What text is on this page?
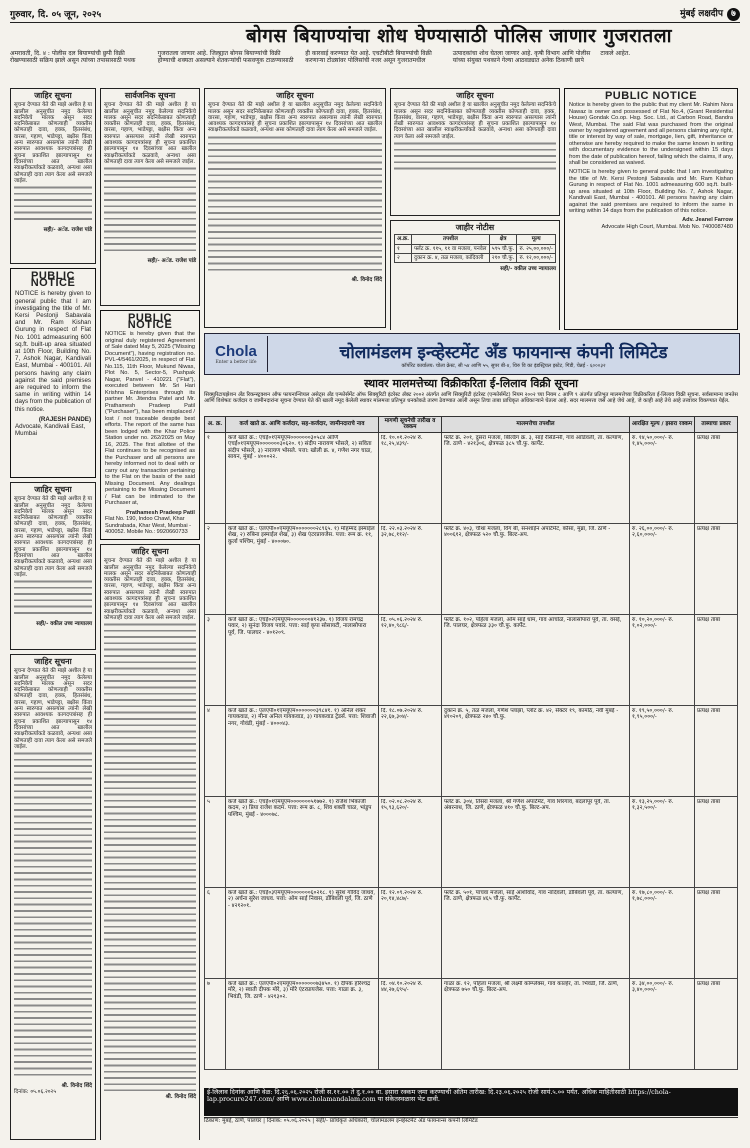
गुरुवार, दि. ०५ जून, २०२५	मुंबई लक्षदीप ७
बोगस बियाण्यांचा शोध घेण्यासाठी पोलिस जाणार गुजरातला
अमरावती, दि. ४ : पोलीस दल बियाण्यांची छुपी विक्री रोखण्यासाठी सक्रिय झाले असून त्यांच्या तपासासाठी पथक गुजरातला जाणार आहे. जिल्ह्यात बोगस बियाण्यांची विक्री होण्याची शक्यता असल्याने शेतकऱ्यांची फसवणूक टाळण्यासाठी ही कारवाई करण्यात येत आहे. एचटीबीटी बियाण्यांची विक्री करणाऱ्या टोळ्यांवर पोलिसांची नजर असून गुजरातमधील उत्पादकांचा शोध घेतला जाणार आहे. कृषी विभाग आणि पोलीस यांच्या संयुक्त पथकाने गेल्या आठवड्यात अनेक ठिकाणी छापे टाकले आहेत.
जाहिर सूचना
सूचना देण्यात येते की माझे अशील हे या खालील अनुसूचीत नमुद केलेल्या सदनिकेचे मालक असून सदर सदनिकेबाबत कोणत्याही व्यक्तीस कोणताही दावा, हक्क, हितसंबंध, वारसा, गहाण, भाडेपट्टा, बक्षीस किंवा अन्य स्वरुपात असल्यास त्यांनी लेखी स्वरुपात आवश्यक कागदपत्रांसह ही सूचना प्रकाशित झाल्यापासून १४ दिवसांच्या आत खालील स्वाक्षरीकर्त्याकडे कळवावे, अन्यथा असा कोणताही दावा त्याग केला असे समजले जाईल.
सही/- अॅड. राजेश पांडे
PUBLIC NOTICE
NOTICE is hereby given to general public that I am investigating the title of Mr. Kersi Pestonji Sabavala and Mr. Ram Kishan Gurung in respect of Flat No. 1001 admeasuring 600 sq.ft. built-up area situated at 10th Floor, Building No. 7, Ashok Nagar, Kandivali East, Mumbai - 400101. All persons having any claim against the said premises are required to inform the same in writing within 14 days from the publication of this notice.
(RAJESH PANDE)
Advocate, Kandivali East, Mumbai
जाहिर सूचना
सूचना देण्यात येते की माझे अशील हे या खालील अनुसूचीत नमुद केलेल्या सदनिकेचे मालक असून सदर सदनिकेबाबत कोणत्याही व्यक्तीस कोणताही दावा, हक्क, हितसंबंध, वारसा, गहाण, भाडेपट्टा, बक्षीस किंवा अन्य स्वरुपात असल्यास त्यांनी लेखी स्वरुपात आवश्यक कागदपत्रांसह ही सूचना प्रकाशित झाल्यापासून १४ दिवसांच्या आत खालील स्वाक्षरीकर्त्याकडे कळवावे, अन्यथा असा कोणताही दावा त्याग केला असे समजले जाईल.
सही/- वकील उच्च न्यायालय
जाहिर सूचना
सूचना देण्यात येते की माझे अशील हे या खालील अनुसूचीत नमुद केलेल्या सदनिकेचे मालक असून सदर सदनिकेबाबत कोणत्याही व्यक्तीस कोणताही दावा, हक्क, हितसंबंध, वारसा, गहाण, भाडेपट्टा, बक्षीस किंवा अन्य स्वरुपात असल्यास त्यांनी लेखी स्वरुपात आवश्यक कागदपत्रांसह ही सूचना प्रकाशित झाल्यापासून १४ दिवसांच्या आत खालील स्वाक्षरीकर्त्याकडे कळवावे, अन्यथा असा कोणताही दावा त्याग केला असे समजले जाईल.
श्री. विनोद शिंदे
दिनांक: ०५.०६.२०२५
सार्वजनिक सूचना
सूचना देण्यात येते की माझे अशील हे या खालील अनुसूचीत नमुद केलेल्या सदनिकेचे मालक असून सदर सदनिकेबाबत कोणत्याही व्यक्तीस कोणताही दावा, हक्क, हितसंबंध, वारसा, गहाण, भाडेपट्टा, बक्षीस किंवा अन्य स्वरुपात असल्यास त्यांनी लेखी स्वरुपात आवश्यक कागदपत्रांसह ही सूचना प्रकाशित झाल्यापासून १४ दिवसांच्या आत खालील स्वाक्षरीकर्त्याकडे कळवावे, अन्यथा असा कोणताही दावा त्याग केला असे समजले जाईल.
सही/- अॅड. राजेश पांडे
PUBLIC NOTICE
NOTICE is hereby given that the original duly registered Agreement of Sale dated May 5, 2025 ("Missing Document"), having registration no. PVL-4/5461/2025, in respect of Flat No.115, 11th Floor, Mukund Niwas, Plot No. 5, Sector-5, Pushpak Nagar, Panvel - 410221 ("Flat"), executed between Mr. Sri Hari Krishna Enterprises through its partner Mr. Jitendra Patel and Mr. Prathamesh Pradeep Patil ("Purchaser"), has been misplaced / lost / not traceable despite best efforts. The report of the same has been lodged with the Khar Police Station under no. 262/2025 on May 16, 2025. The first allottee of the Flat continues to be recognised as the Purchaser and all persons are hereby informed not to deal with or carry out any transaction pertaining to the Flat on the basis of the said Missing Document. Any dealings pertaining to the Missing Document / Flat can be intimated to the Purchaser at,
Prathamesh Pradeep Patil
Flat No. 190, Indoo Chawl, Khar Sundrabada, Khar West, Mumbai - 400052. Mobile No.: 9920660733
जाहिर सूचना
सूचना देण्यात येते की माझे अशील हे या खालील अनुसूचीत नमुद केलेल्या सदनिकेचे मालक असून सदर सदनिकेबाबत कोणत्याही व्यक्तीस कोणताही दावा, हक्क, हितसंबंध, वारसा, गहाण, भाडेपट्टा, बक्षीस किंवा अन्य स्वरुपात असल्यास त्यांनी लेखी स्वरुपात आवश्यक कागदपत्रांसह ही सूचना प्रकाशित झाल्यापासून १४ दिवसांच्या आत खालील स्वाक्षरीकर्त्याकडे कळवावे, अन्यथा असा कोणताही दावा त्याग केला असे समजले जाईल.
श्री. विनोद शिंदे
जाहिर सूचना
सूचना देण्यात येते की माझे अशील हे या खालील अनुसूचीत नमुद केलेल्या सदनिकेचे मालक असून सदर सदनिकेबाबत कोणत्याही व्यक्तीस कोणताही दावा, हक्क, हितसंबंध, वारसा, गहाण, भाडेपट्टा, बक्षीस किंवा अन्य स्वरुपात असल्यास त्यांनी लेखी स्वरुपात आवश्यक कागदपत्रांसह ही सूचना प्रकाशित झाल्यापासून १४ दिवसांच्या आत खालील स्वाक्षरीकर्त्याकडे कळवावे, अन्यथा असा कोणताही दावा त्याग केला असे समजले जाईल.
श्री. विनोद शिंदे
जाहिर सूचना
सूचना देण्यात येते की माझे अशील हे या खालील अनुसूचीत नमुद केलेल्या सदनिकेचे मालक असून सदर सदनिकेबाबत कोणत्याही व्यक्तीस कोणताही दावा, हक्क, हितसंबंध, वारसा, गहाण, भाडेपट्टा, बक्षीस किंवा अन्य स्वरुपात असल्यास त्यांनी लेखी स्वरुपात आवश्यक कागदपत्रांसह ही सूचना प्रकाशित झाल्यापासून १४ दिवसांच्या आत खालील स्वाक्षरीकर्त्याकडे कळवावे, अन्यथा असा कोणताही दावा त्याग केला असे समजले जाईल.
जाहीर नोटीस
अ.क्र.	तपशील	क्षेत्र	मूल्य
१	फ्लॅट क्र. ११५, ११ वा मजला, पनवेल	५९५ चौ.फु.	रु. २५,००,०००/-
२	दुकान क्र. ४, तळ मजला, कांदिवली	२१० चौ.फु.	रु. १२,००,०००/-
सही/- वकील उच्च न्यायालय
PUBLIC NOTICE
Notice is hereby given to the public that my client Mr. Rahim Nora Nawaz is owner and possessed of Flat No.4, (Grant Residential House) Gondak Co.op. Hsg. Soc. Ltd., at Carbon Road, Bandra West, Mumbai. The said Flat was purchased from the original owner by registered agreement and all persons claiming any right, title or interest by way of sale, mortgage, lien, gift, inheritance or otherwise are hereby required to make the same known in writing with documentary evidence to the undersigned within 15 days from the date of publication hereof, failing which the claims, if any, shall be considered as waived.
NOTICE is hereby given to general public that I am investigating the title of Mr. Kersi Pestonji Sabavala and Mr. Ram Kishan Gurung in respect of Flat No. 1001 admeasuring 600 sq.ft. built-up area situated at 10th Floor, Building No. 7, Ashok Nagar, Kandivali East, Mumbai - 400101. All persons having any claim against the said premises are required to inform the same in writing within 14 days from the publication of this notice.
Adv. Jeanel Farrow
Advocate High Court, Mumbai. Mob No. 7400087480
Chola
Enter a better life	चोलामंडलम इन्व्हेस्टमेंट अँड फायनान्स कंपनी लिमिटेड
कॉर्पोरेट कार्यालय: चोला क्रेस्ट, सी ५४ आणि ५५, सुपर बी-४, थिरु वि का इंडस्ट्रियल इस्टेट, गिंडी, चेन्नई - ६०००३२
स्थावर मालमत्तेच्या विक्रीकरिता ई-लिलाव विक्री सूचना
सिक्युरिटायझेशन अँड रिकन्स्ट्रक्शन ऑफ फायनान्शियल असेट्स अँड एन्फोर्समेंट ऑफ सिक्युरिटी इंटरेस्ट ॲक्ट २००२ अंतर्गत आणि सिक्युरिटी इंटरेस्ट (एन्फोर्समेंट) नियम २००२ च्या नियम ८ आणि ९ अंतर्गत प्रतिभूत मालमत्तेच्या विक्रीकरिता ई-लिलाव विक्री सूचना. सर्वसामान्य जनतेस आणि विशेषतः कर्जदार व जामीनदारांना सूचना देण्यात येते की खाली नमूद केलेली स्थावर मालमत्ता प्रतिभूत धनकोकडे तारण ठेवण्यात आली असून तिचा ताबा प्राधिकृत अधिकाऱ्याने घेतला आहे. सदर मालमत्ता जसे आहे जेथे आहे, जे काही आहे तेथे आहे तत्त्वावर विकण्यात येईल.
अ. क्र.	कर्ज खाते क्र. आणि कर्जदार, सह-कर्जदार, जामीनदाराचे नाव	मागणी सूचनेची तारीख व रक्कम	मालमत्तेचा तपशील	आरक्षित मूल्य / इसारा रक्कम	ताब्याचा प्रकार

१	कर्ज खाते क्र.: एचई०१एमयूएम०००००००३०५८४ आणि एचई०१एमयूएम०००००००३०६२०. १) संदीप नारायण भोसले, २) सविता संदीप भोसले, ३) नारायण भोसले. पत्ता: खोली क्र. ४, गणेश नगर चाळ, सायन, मुंबई - ४०००२२.	दि. १०.०१.२०२४ रु. १८,२५,४३९/-	फ्लॅट क्र. २०१, दुसरा मजला, बिल्डिंग क्र. ३, साई रेसिडेन्सी, गाव आडिवली, ता. कल्याण, जि. ठाणे - ४२१३०६, क्षेत्रफळ ३८५ चौ.फु. कार्पेट.	रु. १४,५०,०००/- रु. १,४५,०००/-	प्रत्यक्ष ताबा

२	कर्ज खाते क्र.: एलएपी००एमयूएम०००००००२८९६५. १) मोहम्मद इस्माईल शेख, २) रुबिना इस्माईल शेख, ३) शेख एंटरप्रायजेस. पत्ता: रूम क्र. ११, कुर्ला पश्चिम, मुंबई - ४०००७०.	दि. २२.०३.२०२४ रु. ३२,७८,११२/-	फ्लॅट क्र. ४०३, चौथा मजला, विंग बी, सनशाईन अपार्टमेंट, कौसा, मुंब्रा, जि. ठाणे - ४००६१२, क्षेत्रफळ ५२० चौ.फु. बिल्ट-अप.	रु. २६,००,०००/- रु. २,६०,०००/-	प्रत्यक्ष ताबा

३	कर्ज खाते क्र.: एचई०२एमयूएम०००००००४१२३७. १) विजय रामचंद्र पवार, २) सुनंदा विजय पवार. पत्ता: साई कृपा सोसायटी, नालासोपारा पूर्व, जि. पालघर - ४०१२०९.	दि. ०५.०६.२०२४ रु. १२,४०,९८६/-	फ्लॅट क्र. १०२, पहिला मजला, ओम साई धाम, गाव आचोळे, नालासोपारा पूर्व, ता. वसई, जि. पालघर, क्षेत्रफळ ३३० चौ.फु. कार्पेट.	रु. १०,२०,०००/- रु. १,०२,०००/-	प्रत्यक्ष ताबा

४	कर्ज खाते क्र.: एलएपी०१एमयूएम०००००००३९८४१. १) अनिल शंकर गायकवाड, २) मीना अनिल गायकवाड, ३) गायकवाड ट्रेडर्स. पत्ता: शिवाजी नगर, गोवंडी, मुंबई - ४०००४३.	दि. १८.०७.२०२४ रु. २२,६७,३०४/-	दुकान क्र. ५, तळ मजला, गणेश प्लाझा, प्लॉट क्र. ४२, सेक्टर १९, कामोठे, नवी मुंबई - ४१०२०९, क्षेत्रफळ २४० चौ.फु.	रु. १९,५०,०००/- रु. १,९५,०००/-	प्रत्यक्ष ताबा

५	कर्ज खाते क्र.: एचई०१एमयूएम०००००००५१७७२. १) राजेश भिकाजी कदम, २) प्रिया राजेश कदम. पत्ता: रूम क्र. ८, शिव शक्ती चाळ, भांडुप पश्चिम, मुंबई - ४०००७८.	दि. ०२.०८.२०२४ रु. १५,९३,६२०/-	फ्लॅट क्र. ३०४, तिसरा मजला, श्री गणेश अपार्टमेंट, गाव शिरगाव, बदलापूर पूर्व, ता. अंबरनाथ, जि. ठाणे, क्षेत्रफळ ४१० चौ.फु. बिल्ट-अप.	रु. १३,२५,०००/- रु. १,३२,५००/-	प्रत्यक्ष ताबा

६	कर्ज खाते क्र.: एचई०३एमयूएम०००००००६०२१८. १) सुरेश गोविंद जाधव, २) अर्चना सुरेश जाधव. पत्ता: ओम साई निवास, डोंबिवली पूर्व, जि. ठाणे - ४२१२०१.	दि. १२.०९.२०२४ रु. २०,१४,४८७/-	फ्लॅट क्र. ५०१, पाचवा मजला, साई आशीर्वाद, गाव नांदिवली, डोंबिवली पूर्व, ता. कल्याण, जि. ठाणे, क्षेत्रफळ ४६५ चौ.फु. कार्पेट.	रु. १७,८०,०००/- रु. १,७८,०००/-	प्रत्यक्ष ताबा

७	कर्ज खाते क्र.: एलएपी०२एमयूएम०००००००७३४५०. १) दीपक हरिश्चंद्र मोरे, २) स्वाती दीपक मोरे, ३) मोरे एंटरप्रायजेस. पत्ता: गाळा क्र. ३, भिवंडी, जि. ठाणे - ४२१३०२.	दि. ०४.१०.२०२४ रु. ४४,२७,६९५/-	गाळा क्र. १२, पहिला मजला, श्री लक्ष्मी कॉम्प्लेक्स, गाव काल्हेर, ता. भिवंडी, जि. ठाणे, क्षेत्रफळ ७५० चौ.फु. बिल्ट-अप.	रु. ३४,००,०००/- रु. ३,४०,०००/-	प्रत्यक्ष ताबा
ई-लिलाव दिनांक आणि वेळ: दि.२६.०६.२०२५ रोजी स.११.०० ते दु.१.०० वा. इसारा रक्कम जमा करण्याची अंतिम तारीख: दि.२३.०६.२०२५ रोजी सायं.५.०० पर्यंत. अधिक माहितीसाठी https://chola-lap.procure247.com/ आणि www.cholamandalam.com या संकेतस्थळास भेट द्यावी.
ठिकाण: मुंबई, ठाणे, पालघर | दिनांक: ०५.०६.२०२५ | सही/- प्राधिकृत अधिकारी, चोलामंडलम इन्व्हेस्टमेंट अँड फायनान्स कंपनी लिमिटेड
